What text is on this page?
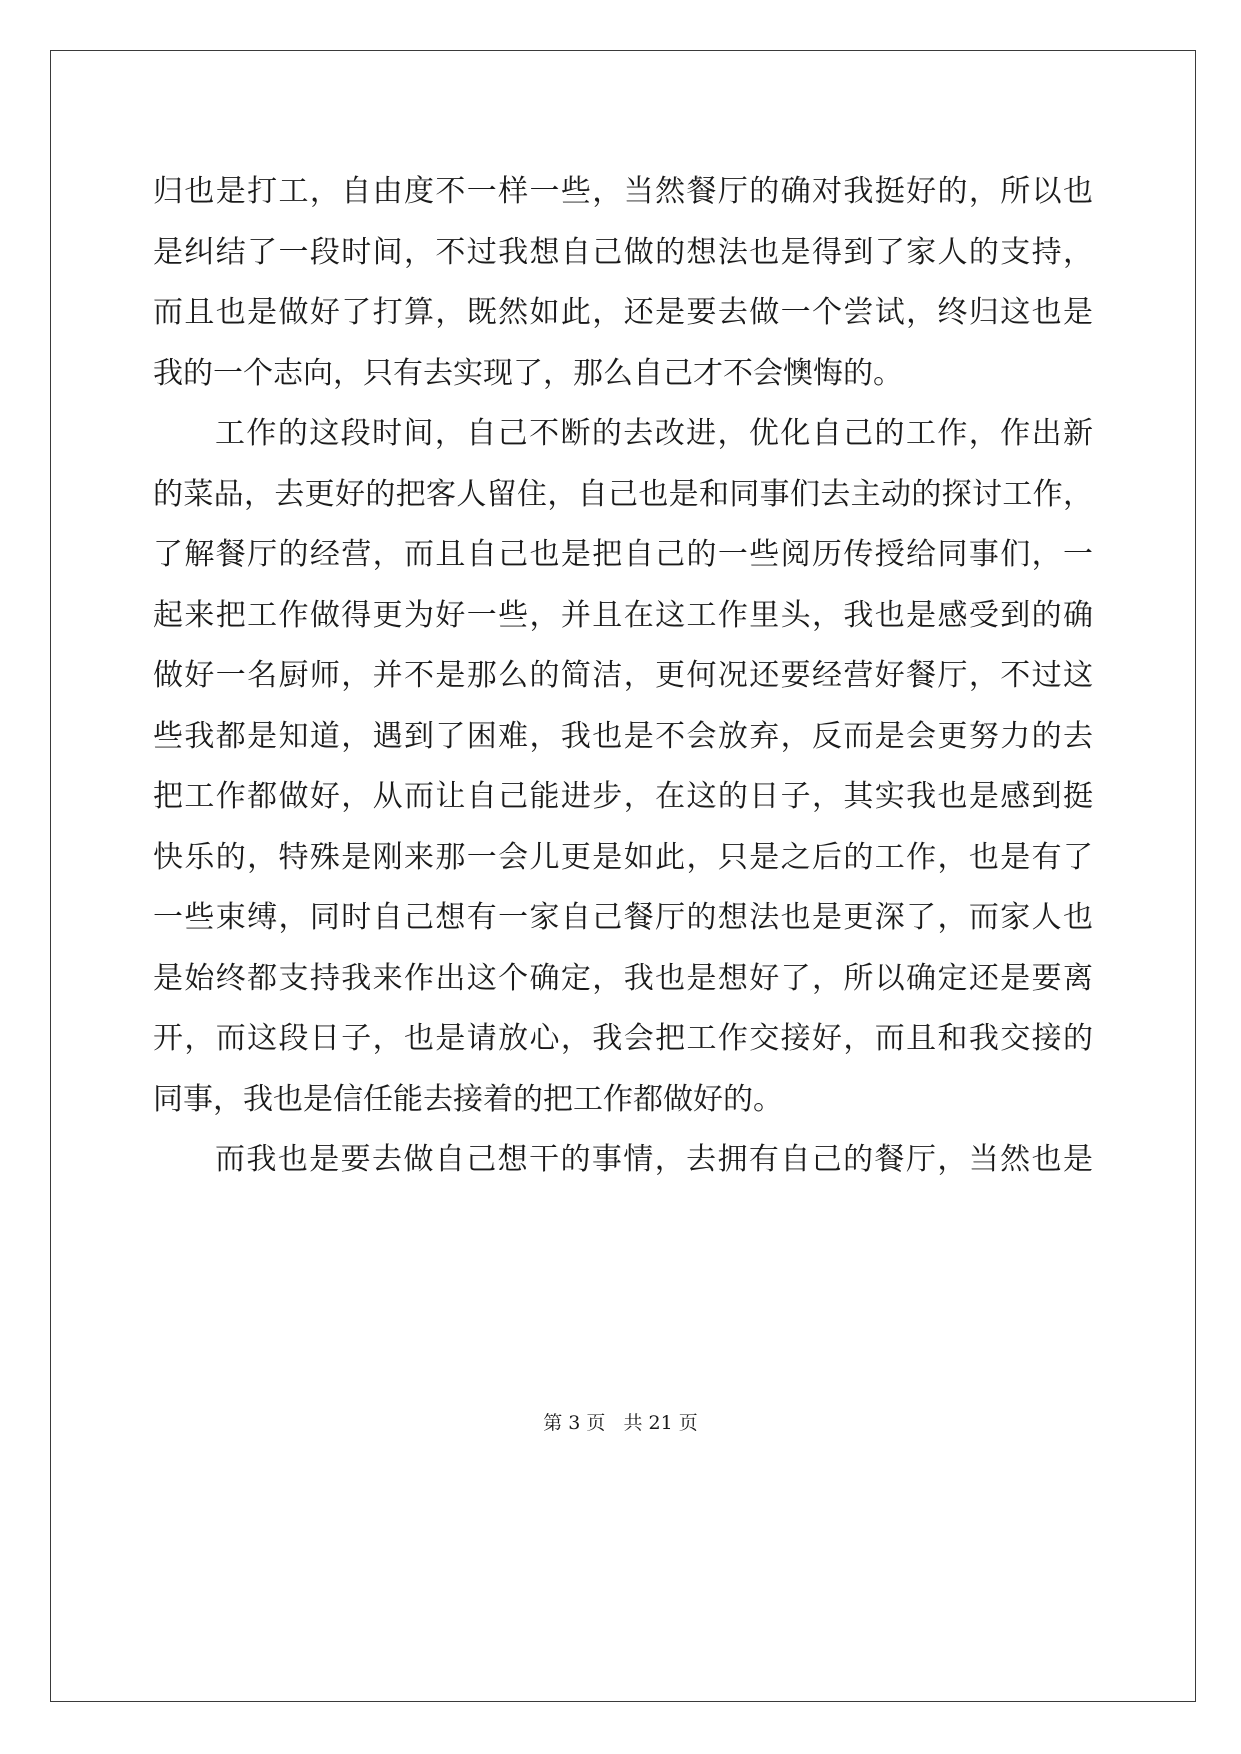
归也是打工，自由度不一样一些，当然餐厅的确对我挺好的，所以也
是纠结了一段时间，不过我想自己做的想法也是得到了家人的支持，
而且也是做好了打算，既然如此，还是要去做一个尝试，终归这也是
我的一个志向，只有去实现了，那么自己才不会懊悔的。
工作的这段时间，自己不断的去改进，优化自己的工作，作出新
的菜品，去更好的把客人留住，自己也是和同事们去主动的探讨工作，
了解餐厅的经营，而且自己也是把自己的一些阅历传授给同事们，一
起来把工作做得更为好一些，并且在这工作里头，我也是感受到的确
做好一名厨师，并不是那么的简洁，更何况还要经营好餐厅，不过这
些我都是知道，遇到了困难，我也是不会放弃，反而是会更努力的去
把工作都做好，从而让自己能进步，在这的日子，其实我也是感到挺
快乐的，特殊是刚来那一会儿更是如此，只是之后的工作，也是有了
一些束缚，同时自己想有一家自己餐厅的想法也是更深了，而家人也
是始终都支持我来作出这个确定，我也是想好了，所以确定还是要离
开，而这段日子，也是请放心，我会把工作交接好，而且和我交接的
同事，我也是信任能去接着的把工作都做好的。
而我也是要去做自己想干的事情，去拥有自己的餐厅，当然也是
第 3 页 共 21 页
